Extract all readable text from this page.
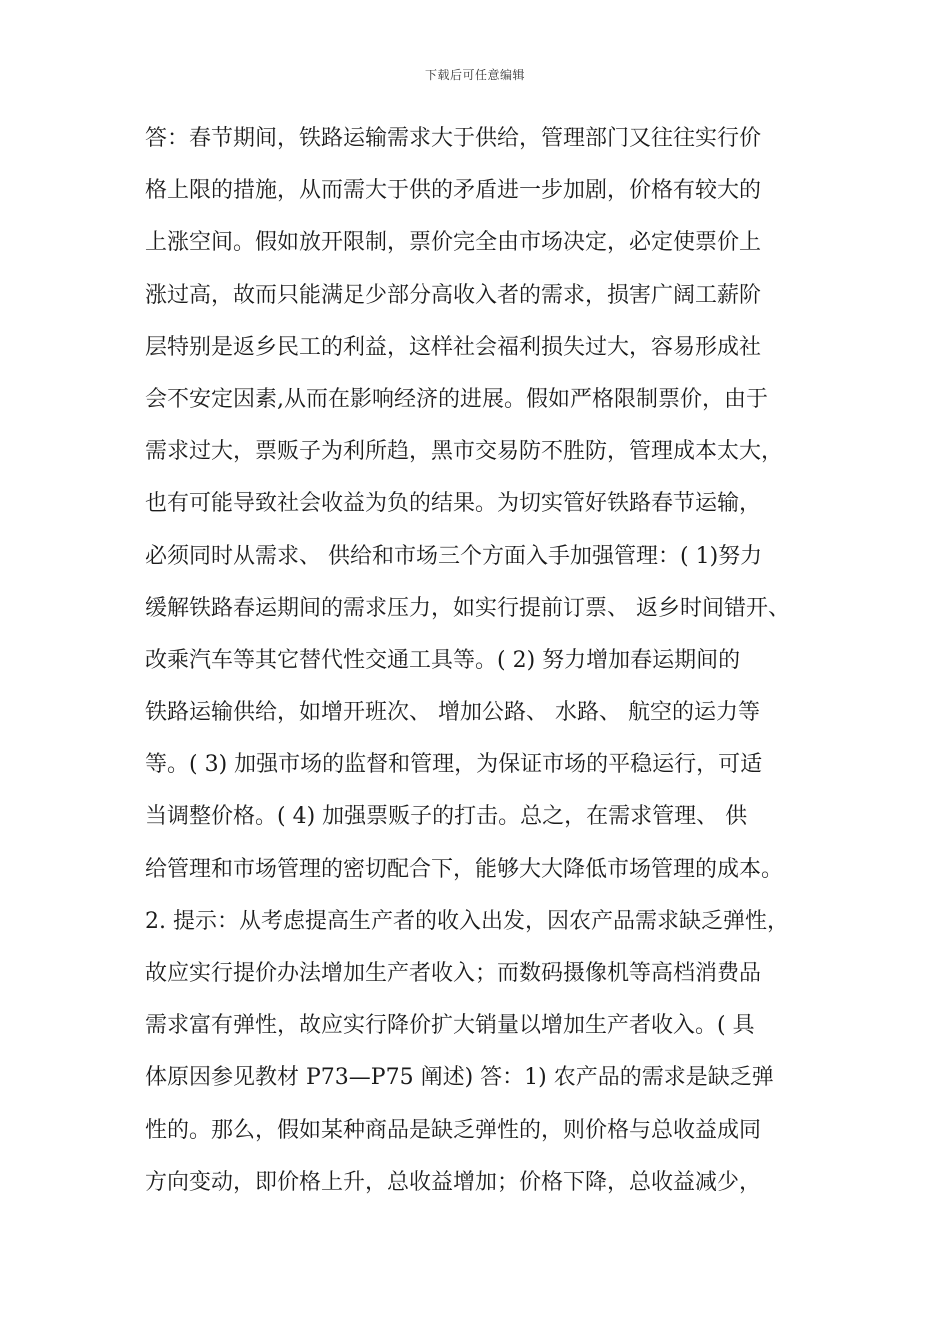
下载后可任意编辑
答：春节期间，铁路运输需求大于供给，管理部门又往往实行价
格上限的措施，从而需大于供的矛盾进一步加剧，价格有较大的
上涨空间。假如放开限制，票价完全由市场决定，必定使票价上
涨过高，故而只能满足少部分高收入者的需求，损害广阔工薪阶
层特别是返乡民工的利益，这样社会福利损失过大，容易形成社
会不安定因素,从而在影响经济的进展。假如严格限制票价，由于
需求过大，票贩子为利所趋，黑市交易防不胜防，管理成本太大，
也有可能导致社会收益为负的结果。为切实管好铁路春节运输，
必须同时从需求、 供给和市场三个方面入手加强管理：( 1)努力
缓解铁路春运期间的需求压力，如实行提前订票、 返乡时间错开、
改乘汽车等其它替代性交通工具等。( 2) 努力增加春运期间的
铁路运输供给，如增开班次、 增加公路、 水路、 航空的运力等
等。( 3) 加强市场的监督和管理，为保证市场的平稳运行，可适
当调整价格。( 4) 加强票贩子的打击。总之，在需求管理、 供
给管理和市场管理的密切配合下，能够大大降低市场管理的成本。
2. 提示：从考虑提高生产者的收入出发，因农产品需求缺乏弹性，
故应实行提价办法增加生产者收入；而数码摄像机等高档消费品
需求富有弹性，故应实行降价扩大销量以增加生产者收入。( 具
体原因参见教材 P73—P75 阐述) 答：1) 农产品的需求是缺乏弹
性的。那么，假如某种商品是缺乏弹性的，则价格与总收益成同
方向变动，即价格上升，总收益增加；价格下降，总收益减少，
